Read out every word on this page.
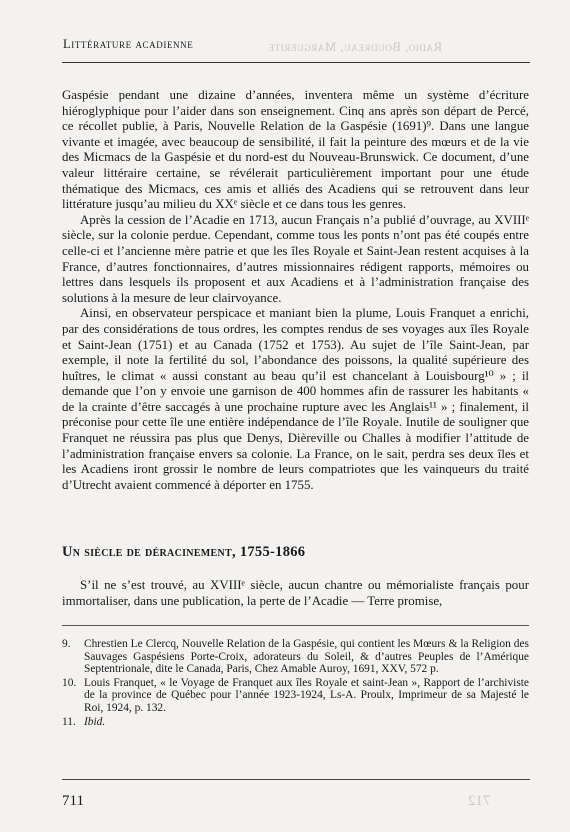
Radio, Boudreau, Marguerite
Littérature acadienne

Gaspésie pendant une dizaine d’années, inventera même un système d’écriture hiéroglyphique pour l’aider dans son enseignement. Cinq ans après son départ de Percé, ce récollet publie, à Paris, Nouvelle Relation de la Gaspésie (1691)⁹. Dans une langue vivante et imagée, avec beaucoup de sensibilité, il fait la peinture des mœurs et de la vie des Micmacs de la Gaspésie et du nord-est du Nouveau-Brunswick. Ce document, d’une valeur littéraire certaine, se révélerait particulièrement important pour une étude thématique des Micmacs, ces amis et alliés des Acadiens qui se retrouvent dans leur littérature jusqu’au milieu du XXᵉ siècle et ce dans tous les genres.

Après la cession de l’Acadie en 1713, aucun Français n’a publié d’ouvrage, au XVIIIᵉ siècle, sur la colonie perdue. Cependant, comme tous les ponts n’ont pas été coupés entre celle-ci et l’ancienne mère patrie et que les îles Royale et Saint-Jean restent acquises à la France, d’autres fonctionnaires, d’autres missionnaires rédigent rapports, mémoires ou lettres dans lesquels ils proposent et aux Acadiens et à l’administration française des solutions à la mesure de leur clairvoyance.

Ainsi, en observateur perspicace et maniant bien la plume, Louis Franquet a enrichi, par des considérations de tous ordres, les comptes rendus de ses voyages aux îles Royale et Saint-Jean (1751) et au Canada (1752 et 1753). Au sujet de l’île Saint-Jean, par exemple, il note la fertilité du sol, l’abondance des poissons, la qualité supérieure des huîtres, le climat « aussi constant au beau qu’il est chancelant à Louisbourg¹⁰ » ; il demande que l’on y envoie une garnison de 400 hommes afin de rassurer les habitants « de la crainte d’être saccagés à une prochaine rupture avec les Anglais¹¹ » ; finalement, il préconise pour cette île une entière indépendance de l’île Royale. Inutile de souligner que Franquet ne réussira pas plus que Denys, Dièreville ou Challes à modifier l’attitude de l’administration française envers sa colonie. La France, on le sait, perdra ses deux îles et les Acadiens iront grossir le nombre de leurs compatriotes que les vainqueurs du traité d’Utrecht avaient commencé à déporter en 1755.

Un siècle de déracinement, 1755-1866
S’il ne s’est trouvé, au XVIIIᵉ siècle, aucun chantre ou mémorialiste français pour immortaliser, dans une publication, la perte de l’Acadie — Terre promise,
9.	Chrestien Le Clercq, Nouvelle Relation de la Gaspésie, qui contient les Mœurs & la Religion des Sauvages Gaspésiens Porte-Croix, adorateurs du Soleil, & d’autres Peuples de l’Amérique Septentrionale, dite le Canada, Paris, Chez Amable Auroy, 1691, XXV, 572 p.
10. Louis Franquet, « le Voyage de Franquet aux îles Royale et saint-Jean », Rapport de l’archiviste de la province de Québec pour l’année 1923-1924, Ls-A. Proulx, Imprimeur de sa Majesté le Roi, 1924, p. 132.
11. Ibid.
711	712
